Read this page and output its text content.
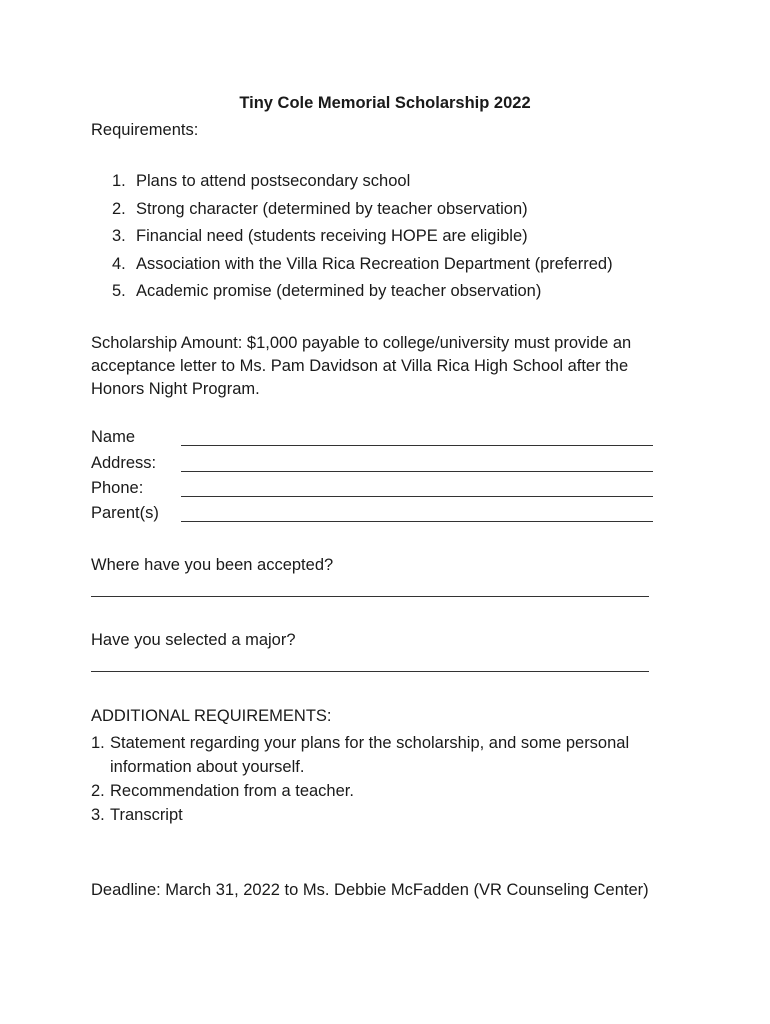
Tiny Cole Memorial Scholarship 2022
Requirements:
1. Plans to attend postsecondary school
2. Strong character (determined by teacher observation)
3. Financial need (students receiving HOPE are eligible)
4. Association with the Villa Rica Recreation Department (preferred)
5. Academic promise (determined by teacher observation)
Scholarship Amount: $1,000 payable to college/university must provide an acceptance letter to Ms. Pam Davidson at Villa Rica High School after the Honors Night Program.
Name
Address:
Phone:
Parent(s)
Where have you been accepted?
Have you selected a major?
ADDITIONAL REQUIREMENTS:
1. Statement regarding your plans for the scholarship, and some personal information about yourself.
2. Recommendation from a teacher.
3. Transcript
Deadline: March 31, 2022 to Ms. Debbie McFadden (VR Counseling Center)
